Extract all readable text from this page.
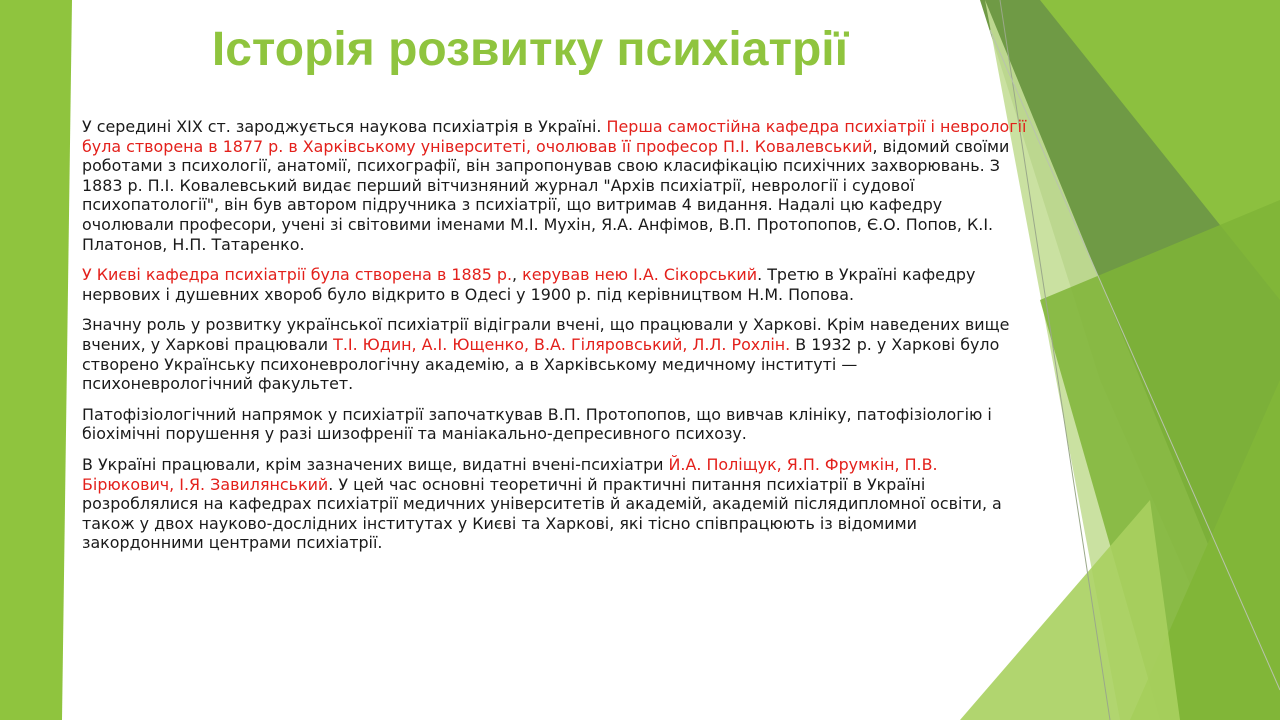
Історія розвитку психіатрії

У середині ХІХ ст. зароджується наукова психіатрія в Україні. Перша самостійна кафедра психіатрії і неврології була створена в 1877 р. в Харківському університеті, очолював її професор П.І. Ковалевський, відомий своїми роботами з психології, анатомії, психографії, він запропонував свою класифікацію психічних захворювань. З 1883 р. П.І. Ковалевський видає перший вітчизняний журнал "Архів психіатрії, неврології і судової психопатології", він був автором підручника з психіатрії, що витримав 4 видання. Надалі цю кафедру очолювали професори, учені зі світовими іменами М.І. Мухін, Я.А. Анфімов, В.П. Протопопов, Є.О. Попов, К.І. Платонов, Н.П. Татаренко.

У Києві кафедра психіатрії була створена в 1885 р., керував нею І.А. Сікорський. Третю в Україні кафедру нервових і душевних хвороб було відкрито в Одесі у 1900 р. під керівництвом Н.М. Попова.

Значну роль у розвитку української психіатрії відіграли вчені, що працювали у Харкові. Крім наведених вище вчених, у Харкові працювали Т.І. Юдин, А.І. Ющенко, В.А. Гіляровський, Л.Л. Рохлін. В 1932 р. у Харкові було створено Українську психоневрологічну академію, а в Харківському медичному інституті — психоневрологічний факультет.

Патофізіологічний напрямок у психіатрії започаткував В.П. Протопопов, що вивчав клініку, патофізіологію і біохімічні порушення у разі шизофренії та маніакально-депресивного психозу.

В Україні працювали, крім зазначених вище, видатні вчені-психіатри Й.А. Поліщук, Я.П. Фрумкін, П.В. Бірюкович, І.Я. Завилянський. У цей час основні теоретичні й практичні питання психіатрії в Україні розроблялися на кафедрах психіатрії медичних університетів й академій, академій післядипломної освіти, а також у двох науково-дослідних інститутах у Києві та Харкові, які тісно співпрацюють із відомими закордонними центрами психіатрії.
